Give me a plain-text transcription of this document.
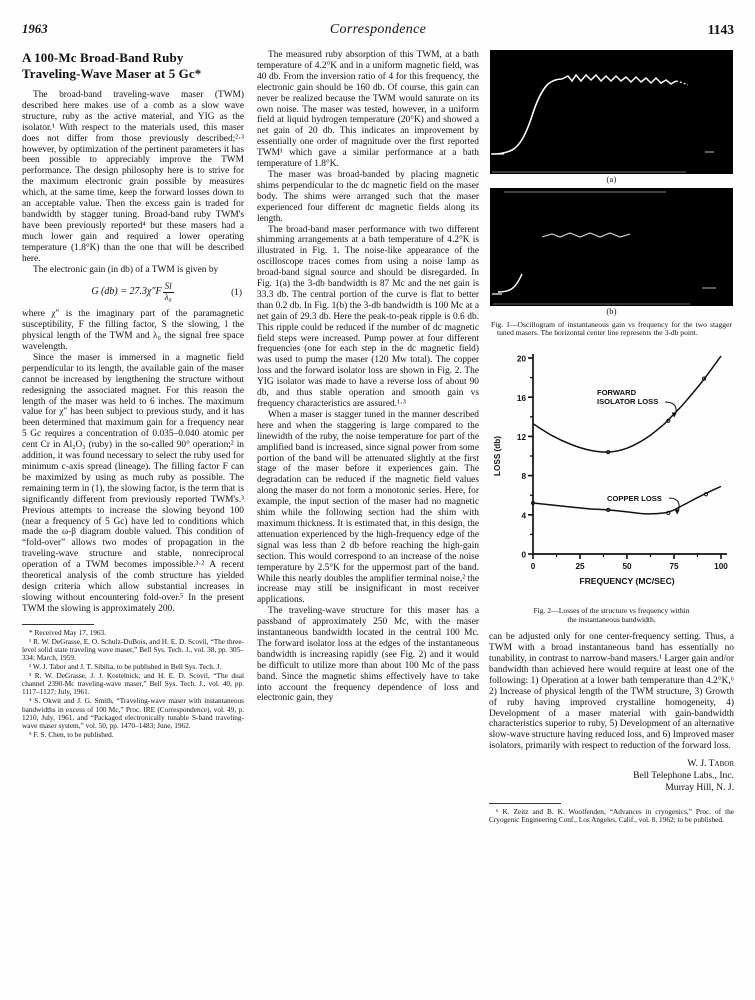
1963	Correspondence	1143
A 100-Mc Broad-Band Ruby
Traveling-Wave Maser at 5 Gc*

The broad-band traveling-wave maser (TWM) described here makes use of a comb as a slow wave structure, ruby as the active material, and YIG as the isolator.¹ With respect to the materials used, this maser does not differ from those previously described;²·³ however, by optimization of the pertinent parameters it has been possible to appreciably improve the TWM performance. The design philosophy here is to strive for the maximum electronic grain possible by measures which, at the same time, keep the forward losses down to an acceptable value. Then the excess gain is traded for bandwidth by stagger tuning. Broad-band ruby TWM's have been previously reported⁴ but these masers had a much lower gain and required a lower operating temperature (1.8°K) than the one that will be described here.

The electronic gain (in db) of a TWM is given by

G $(db) = 27.3\chi''F \frac{Sl}{\text{λ₀}}$	(1)

where χ″ is the imaginary part of the paramagnetic susceptibility, F the filling factor, S the slowing, l the physical length of the TWM and λ₀ the signal free space wavelength.

Since the maser is immersed in a magnetic field perpendicular to its length, the available gain of the maser cannot be increased by lengthening the structure without redesigning the associated magnet. For this reason the length of the maser was held to 6 inches. The maximum value for χ″ has been subject to previous study, and it has been determined that maximum gain for a frequency near 5 Gc requires a concentration of 0.035–0.040 atomic per cent Cr in Al₂O₃ (ruby) in the so-called 90° operation;² in addition, it was found necessary to select the ruby used for minimum c-axis spread (lineage). The filling factor F can be maximized by using as much ruby as possible. The remaining term in (1), the slowing factor, is the term that is significantly different from previously reported TWM's.³ Previous attempts to increase the slowing beyond 100 (near a frequency of 5 Gc) have led to conditions which made the ω-β diagram double valued. This condition of “fold-over” allows two modes of propagation in the traveling-wave structure and stable, nonreciprocal operation of a TWM becomes impossible.³·² A recent theoretical analysis of the comb structure has yielded design criteria which allow substantial increases in slowing without encountering fold-over.⁵ In the present TWM the slowing is approximately 200.

* Received May 17, 1963.

¹ R. W. DeGrasse, E. O. Schulz-DuBois, and H. E. D. Scovil, “The three-level solid state traveling wave maser,” Bell Sys. Tech. J., vol. 38, pp. 305–334; March, 1959.

² W. J. Tabor and J. T. Sibilia, to be published in Bell Sys. Tech. J.

³ R. W. DeGrasse, J. J. Kostelnick, and H. E. D. Scovil, “The dual channel 2390-Mc traveling-wave maser,” Bell Sys. Tech. J., vol. 40, pp. 1117–1127; July, 1961.

⁴ S. Okwit and J. G. Smith, “Traveling-wave maser with instantaneous bandwidths in excess of 100 Mc,” Proc. IRE (Correspondence), vol. 49, p. 1210, July, 1961, and “Packaged electronically tunable S-band traveling-wave maser system,” vol. 50, pp. 1470–1483; June, 1962.

⁵ F. S. Chen, to be published.

The measured ruby absorption of this TWM, at a bath temperature of 4.2°K and in a uniform magnetic field, was 40 db. From the inversion ratio of 4 for this frequency, the electronic gain should be 160 db. Of course, this gain can never be realized because the TWM would saturate on its own noise. The maser was tested, however, in a uniform field at liquid hydrogen temperature (20°K) and showed a net gain of 20 db. This indicates an improvement by essentially one order of magnitude over the first reported TWM¹ which gave a similar performance at a bath temperature of 1.8°K.

The maser was broad-banded by placing magnetic shims perpendicular to the dc magnetic field on the maser body. The shims were arranged such that the maser experienced four different dc magnetic fields along its length.

The broad-band maser performance with two different shimming arrangements at a bath temperature of 4.2°K is illustrated in Fig. 1. The noise-like appearance of the oscilloscope traces comes from using a noise lamp as broad-band signal source and should be disregarded. In Fig. 1(a) the 3-db bandwidth is 87 Mc and the net gain is 33.3 db. The central portion of the curve is flat to better than 0.2 db. In Fig. 1(b) the 3-db bandwidth is 100 Mc at a net gain of 29.3 db. Here the peak-to-peak ripple is 0.6 db. This ripple could be reduced if the number of dc magnetic field steps were increased. Pump power at four different frequencies (one for each step in the dc magnetic field) was used to pump the maser (120 Mw total). The copper loss and the forward isolator loss are shown in Fig. 2. The YIG isolator was made to have a reverse loss of about 90 db, and thus stable operation and smooth gain vs frequency characteristics are assured.¹·³

When a maser is stagger tuned in the manner described here and when the staggering is large compared to the linewidth of the ruby, the noise temperature for part of the amplified band is increased, since signal power from some portion of the band will be attenuated slightly at the first stage of the maser before it experiences gain. The degradation can be reduced if the magnetic field values along the maser do not form a monotonic series. Here, for example, the input section of the maser had no magnetic shim while the following section had the shim with maximum thickness. It is estimated that, in this design, the attenuation experienced by the high-frequency edge of the signal was less than 2 db before reaching the high-gain section. This would correspond to an increase of the noise temperature by 2.5°K for the uppermost part of the band. While this nearly doubles the amplifier terminal noise,² the increase may still be insignificant in most receiver applications.

The traveling-wave structure for this maser has a passband of approximately 250 Mc, with the maser instantaneous bandwidth located in the central 100 Mc. The forward isolator loss at the edges of the instantaneous bandwidth is increasing rapidly (see Fig. 2) and it would be difficult to utilize more than about 100 Mc of the pass band. Since the magnetic shims effectively have to take into account the frequency dependence of loss and electronic gain, they

(a)
(b)
Fig. 1—Oscillogram of instantaneous gain vs frequency for the two stagger tuned masers. The horizontal center line represents the 3-db point.
0
4
8
12
16
20
0	25	50	75	100
FREQUENCY (MC/SEC)
LOSS (db)
FORWARD
ISOLATOR LOSS
COPPER LOSS
Fig. 2—Losses of the structure vs frequency within
the instantaneous bandwidth.

can be adjusted only for one center-frequency setting. Thus, a TWM with a broad instantaneous band has essentially no tunability, in contrast to narrow-band masers.¹ Larger gain and/or bandwidth than achieved here would require at least one of the following: 1) Operation at a lower bath temperature than 4.2°K,⁶ 2) Increase of physical length of the TWM structure, 3) Growth of ruby having improved crystalline homogeneity, 4) Development of a maser material with gain-bandwidth characteristics superior to ruby, 5) Development of an alternative slow-wave structure having reduced loss, and 6) Improved maser isolators, primarily with respect to reduction of the forward loss.

W. J. Tabor
Bell Telephone Labs., Inc.
Murray Hill, N. J.

⁶ K. Zeitz and B. K. Woolfenden, “Advances in cryogenics,” Proc. of the Cryogenic Engineering Conf., Los Angeles, Calif., vol. 8, 1962; to be published.
